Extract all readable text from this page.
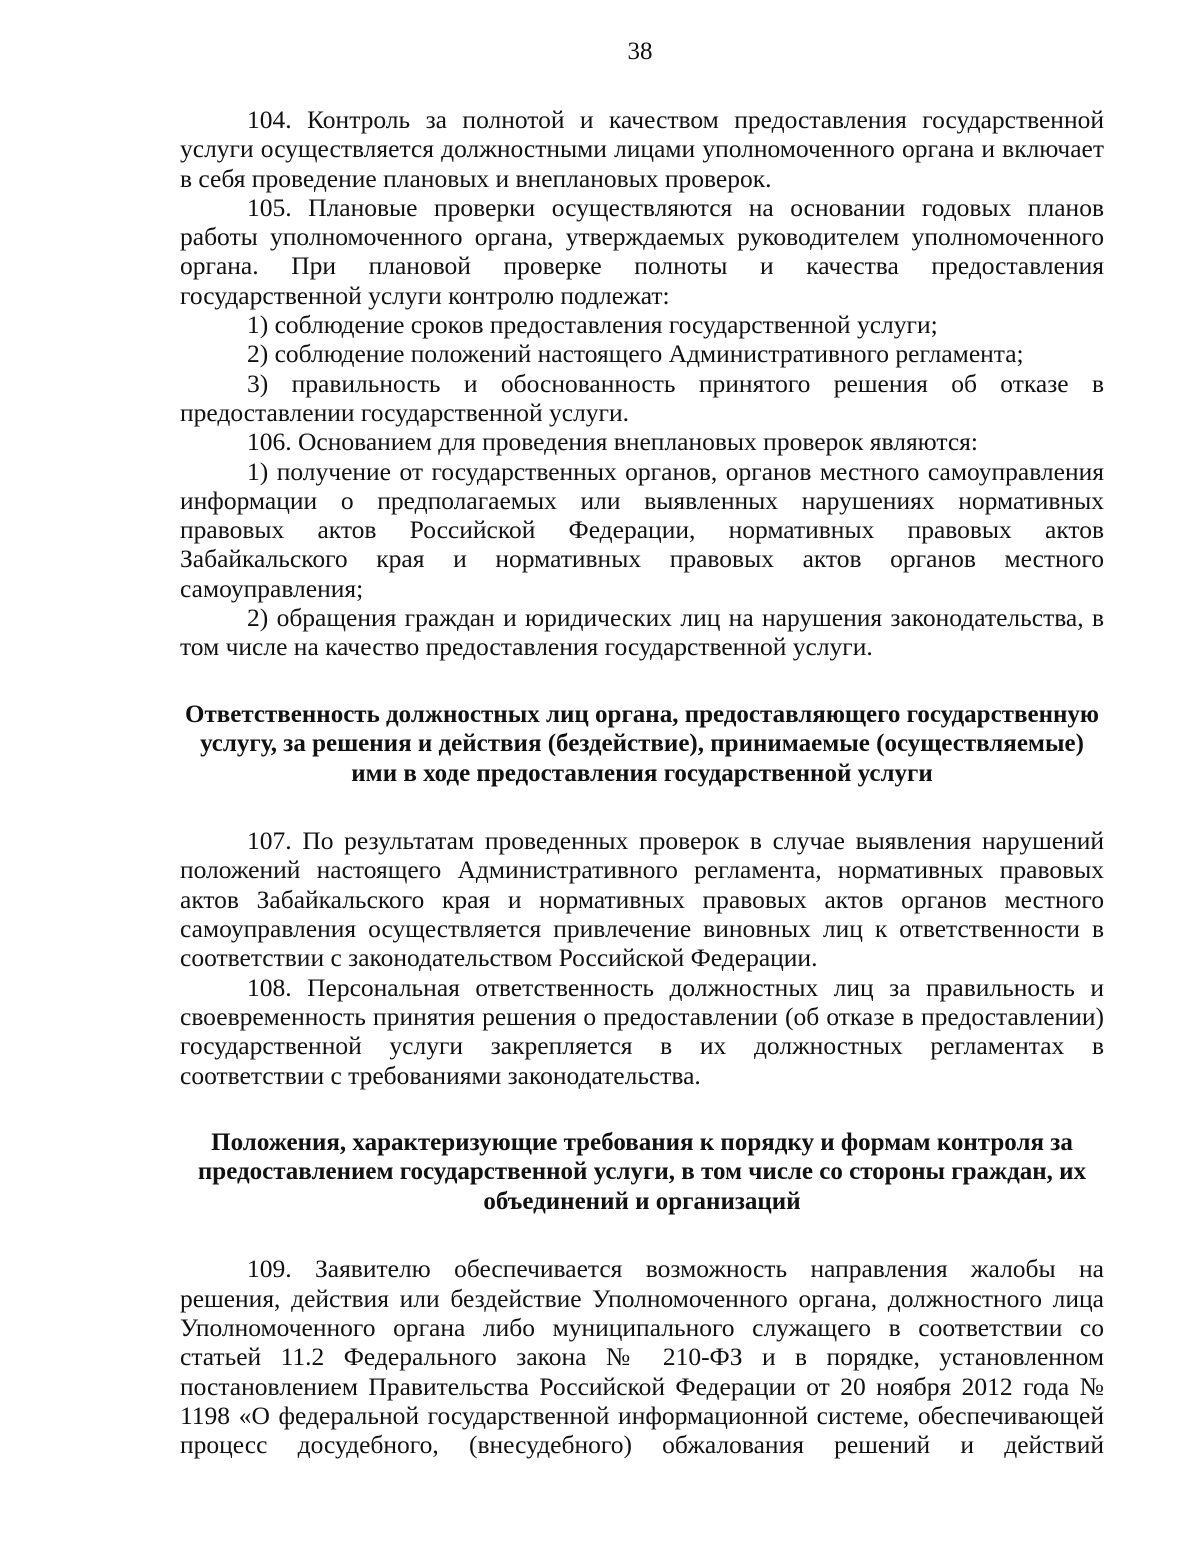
38

104. Контроль за полнотой и качеством предоставления государственной услуги осуществляется должностными лицами уполномоченного органа и включает в себя проведение плановых и внеплановых проверок.

105. Плановые проверки осуществляются на основании годовых планов работы уполномоченного органа, утверждаемых руководителем уполномоченного органа. При плановой проверке полноты и качества предоставления государственной услуги контролю подлежат:

1) соблюдение сроков предоставления государственной услуги;

2) соблюдение положений настоящего Административного регламента;

3) правильность и обоснованность принятого решения об отказе в предоставлении государственной услуги.

106. Основанием для проведения внеплановых проверок являются:

1) получение от государственных органов, органов местного самоуправления информации о предполагаемых или выявленных нарушениях нормативных правовых актов Российской Федерации, нормативных правовых актов Забайкальского края и нормативных правовых актов органов местного самоуправления;

2) обращения граждан и юридических лиц на нарушения законодательства, в том числе на качество предоставления государственной услуги.

Ответственность должностных лиц органа, предоставляющего государственную услугу, за решения и действия (бездействие), принимаемые (осуществляемые) ими в ходе предоставления государственной услуги

107. По результатам проведенных проверок в случае выявления нарушений положений настоящего Административного регламента, нормативных правовых актов Забайкальского края и нормативных правовых актов органов местного самоуправления осуществляется привлечение виновных лиц к ответственности в соответствии с законодательством Российской Федерации.

108. Персональная ответственность должностных лиц за правильность и своевременность принятия решения о предоставлении (об отказе в предоставлении) государственной услуги закрепляется в их должностных регламентах в соответствии с требованиями законодательства.

Положения, характеризующие требования к порядку и формам контроля за предоставлением государственной услуги, в том числе со стороны граждан, их объединений и организаций

109. Заявителю обеспечивается возможность направления жалобы на решения, действия или бездействие Уполномоченного органа, должностного лица Уполномоченного органа либо муниципального служащего в соответствии со статьей 11.2 Федерального закона № 210-ФЗ и в порядке, установленном постановлением Правительства Российской Федерации от 20 ноября 2012 года № 1198 «О федеральной государственной информационной системе, обеспечивающей процесс досудебного, (внесудебного) обжалования решений и действий
